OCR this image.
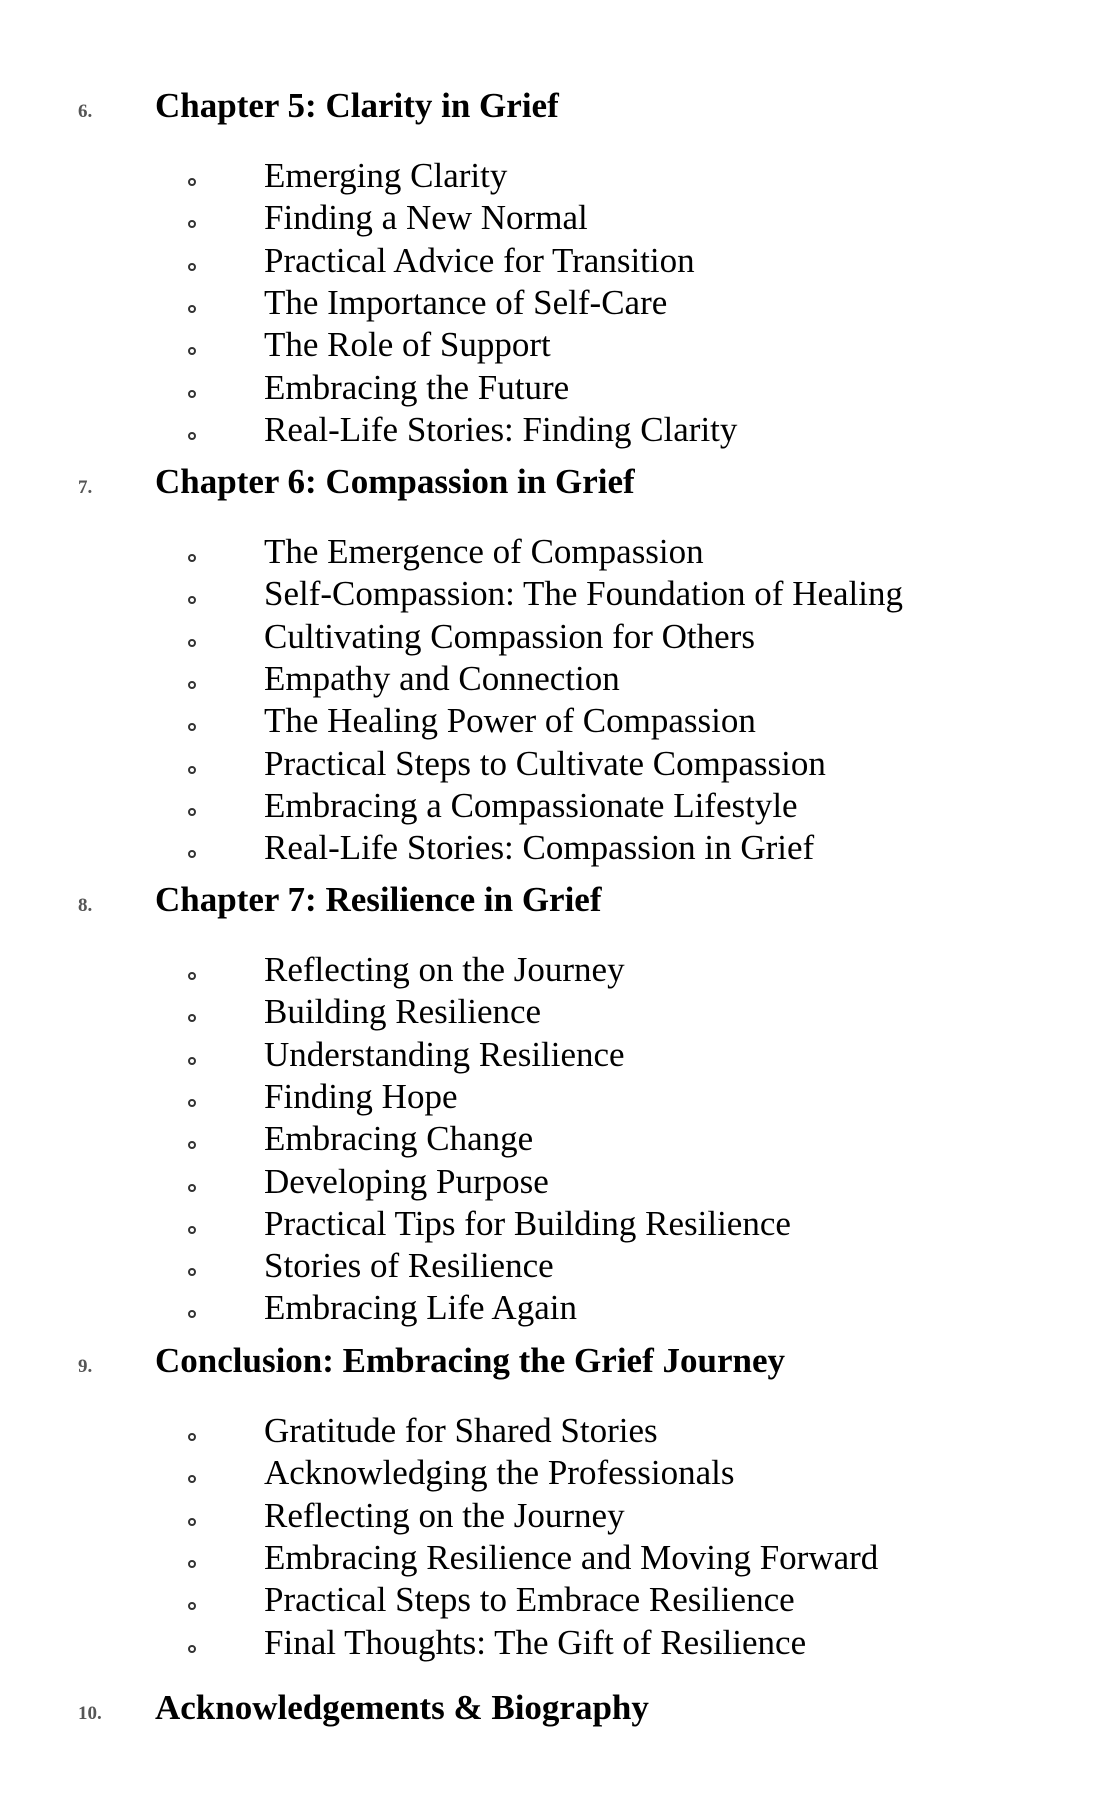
6. Chapter 5: Clarity in Grief
Emerging Clarity
Finding a New Normal
Practical Advice for Transition
The Importance of Self-Care
The Role of Support
Embracing the Future
Real-Life Stories: Finding Clarity
7. Chapter 6: Compassion in Grief
The Emergence of Compassion
Self-Compassion: The Foundation of Healing
Cultivating Compassion for Others
Empathy and Connection
The Healing Power of Compassion
Practical Steps to Cultivate Compassion
Embracing a Compassionate Lifestyle
Real-Life Stories: Compassion in Grief
8. Chapter 7: Resilience in Grief
Reflecting on the Journey
Building Resilience
Understanding Resilience
Finding Hope
Embracing Change
Developing Purpose
Practical Tips for Building Resilience
Stories of Resilience
Embracing Life Again
9. Conclusion: Embracing the Grief Journey
Gratitude for Shared Stories
Acknowledging the Professionals
Reflecting on the Journey
Embracing Resilience and Moving Forward
Practical Steps to Embrace Resilience
Final Thoughts: The Gift of Resilience
10. Acknowledgements & Biography
